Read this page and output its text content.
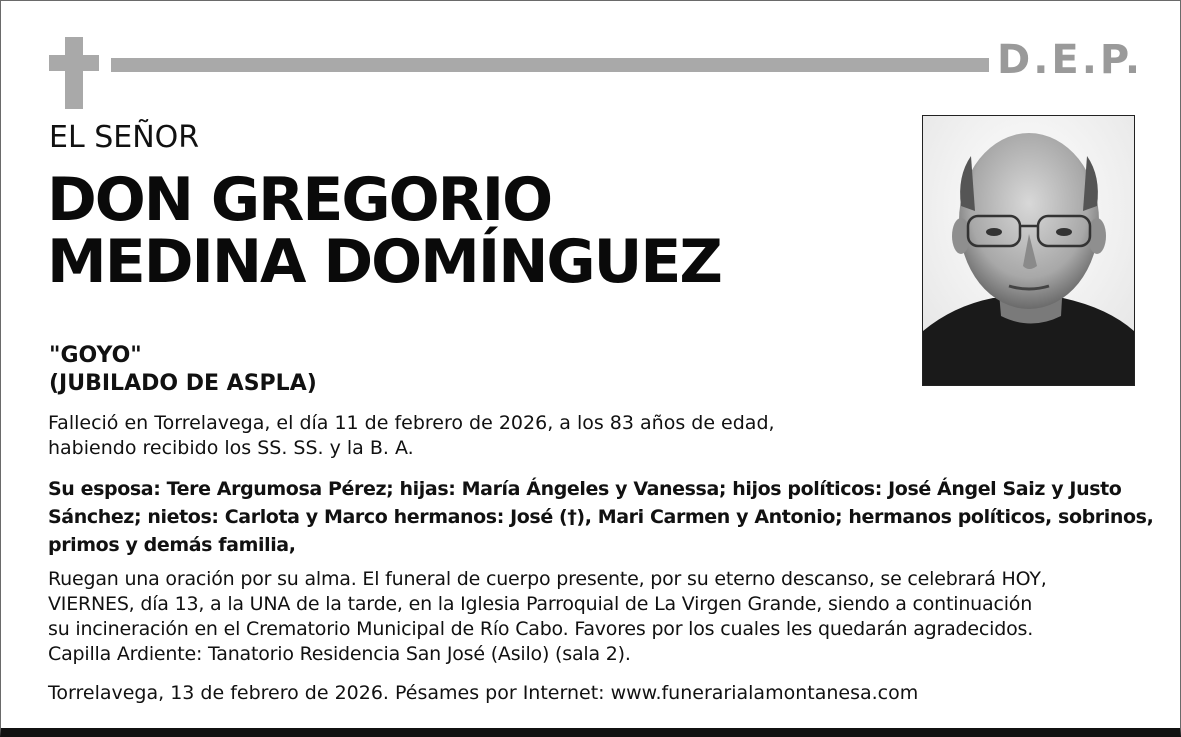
D.E.P.
EL SEÑOR
DON GREGORIO
MEDINA DOMÍNGUEZ
"GOYO"
(JUBILADO DE ASPLA)
Falleció en Torrelavega, el día 11 de febrero de 2026, a los 83 años de edad,
habiendo recibido los SS. SS. y la B. A.
Su esposa: Tere Argumosa Pérez; hijas: María Ángeles y Vanessa; hijos políticos: José Ángel Saiz y Justo
Sánchez; nietos: Carlota y Marco hermanos: José (†), Mari Carmen y Antonio; hermanos políticos, sobrinos,
primos y demás familia,
Ruegan una oración por su alma. El funeral de cuerpo presente, por su eterno descanso, se celebrará HOY,
VIERNES, día 13, a la UNA de la tarde, en la Iglesia Parroquial de La Virgen Grande, siendo a continuación
su incineración en el Crematorio Municipal de Río Cabo. Favores por los cuales les quedarán agradecidos.
Capilla Ardiente: Tanatorio Residencia San José (Asilo) (sala 2).
Torrelavega, 13 de febrero de 2026. Pésames por Internet: www.funerarialamontanesa.com
